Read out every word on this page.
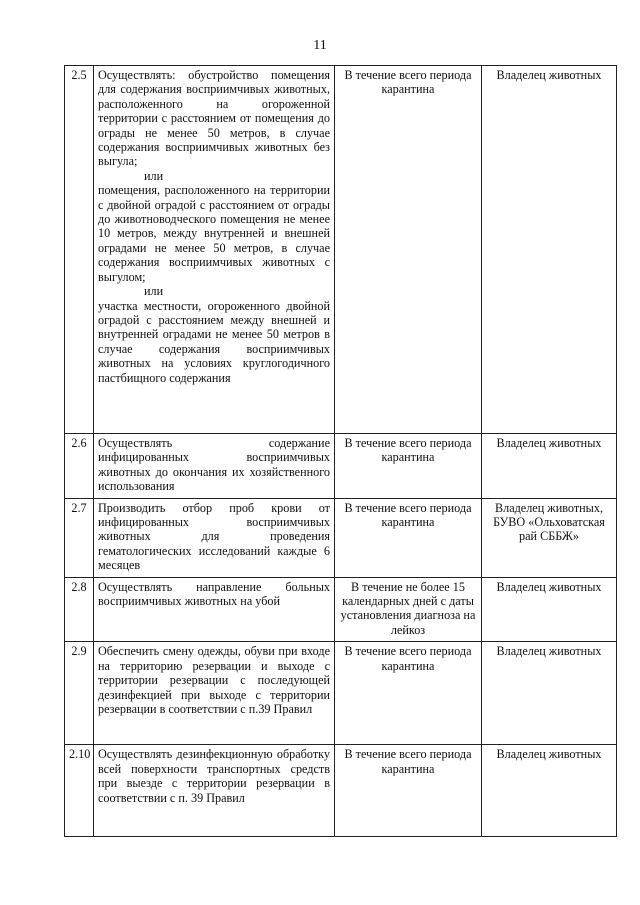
11
2.5	Осуществлять: обустройство помещения для содержания восприимчивых животных, расположенного на огороженной территории с расстоянием от помещения до ограды не менее 50 метров, в случае содержания восприимчивых животных без выгула;
или
помещения, расположенного на территории с двойной оградой с расстоянием от ограды до животноводческого помещения не менее 10 метров, между внутренней и внешней оградами не менее 50 метров, в случае содержания восприимчивых животных с выгулом;
или
участка местности, огороженного двойной оградой с расстоянием между внешней и внутренней оградами не менее 50 метров в случае содержания восприимчивых животных на условиях круглогодичного пастбищного содержания	В течение всего периода карантина	Владелец животных
2.6	Осуществлять содержание инфицированных восприимчивых животных до окончания их хозяйственного использования	В течение всего периода карантина	Владелец животных
2.7	Производить отбор проб крови от инфицированных восприимчивых животных для проведения гематологических исследований каждые 6 месяцев	В течение всего периода карантина	Владелец животных, БУВО «Ольховатская рай СББЖ»
2.8	Осуществлять направление больных восприимчивых животных на убой	В течение не более 15 календарных дней с даты установления диагноза на лейкоз	Владелец животных
2.9	Обеспечить смену одежды, обуви при входе на территорию резервации и выходе с территории резервации с последующей дезинфекцией при выходе с территории резервации в соответствии с п.39 Правил	В течение всего периода карантина	Владелец животных
2.10	Осуществлять дезинфекционную обработку всей поверхности транспортных средств при выезде с территории резервации в соответствии с п. 39 Правил	В течение всего периода карантина	Владелец животных
